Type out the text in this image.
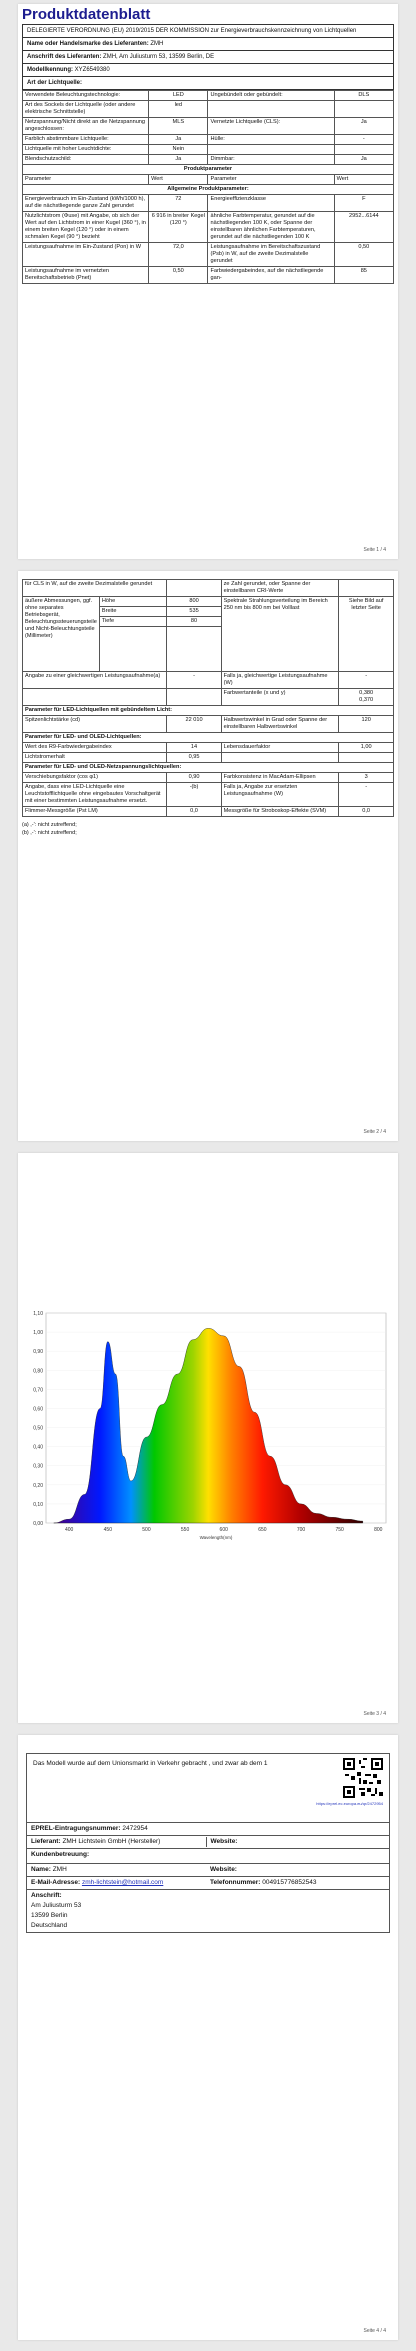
Produktdatenblatt
DELEGIERTE VERORDNUNG (EU) 2019/2015 DER KOMMISSION zur Energieverbrauchskennzeichnung von Lichtquellen
Name oder Handelsmarke des Lieferanten: ZMH
Anschrift des Lieferanten: ZMH, Am Juliusturm 53, 13599 Berlin, DE
Modellkennung: XYZ6549380
Art der Lichtquelle:
Verwendete Beleuchtungstechnologie:	LED	Ungebündelt oder gebündelt:	DLS
Art des Sockels der Lichtquelle (oder andere elektrische Schnittstelle)	led		
Netzspannung/Nicht direkt an die Netzspannung angeschlossen:	MLS	Vernetzte Lichtquelle (CLS):	Ja
Farblich abstimmbare Lichtquelle:	Ja	Hülle:	-
Lichtquelle mit hoher Leuchtdichte:	Nein		
Blendschutzschild:	Ja	Dimmbar:	Ja
Produktparameter			
Parameter	Wert	Parameter	Wert
Allgemeine Produktparameter:			
Energieverbrauch im Ein-Zustand (kWh/1000 h), auf die nächstliegende ganze Zahl gerundet	72	Energieeffizienzklasse	F
Nutzlichtstrom (Φuse) mit Angabe, ob sich der Wert auf den Lichtstrom in einer Kugel (360 °), in einem breiten Kegel (120 °) oder in einem schmalen Kegel (90 °) bezieht	6 916 in breiter Kegel (120 °)	ähnliche Farbtemperatur, gerundet auf die nächstliegenden 100 K, oder Spanne der einstellbaren ähnlichen Farbtemperaturen, gerundet auf die nächstliegenden 100 K	2952...6144
Leistungsaufnahme im Ein-Zustand (Pon) in W	72,0	Leistungsaufnahme im Bereitschaftszustand (Psb) in W, auf die zweite Dezimalstelle gerundet	0,50
Leistungsaufnahme im vernetzten Bereitschaftsbetrieb (Pnet)	0,50	Farbwiedergabeindex, auf die nächstliegende gan-	85
Seite 1 / 4
für CLS in W, auf die zweite Dezimalstelle gerundet			ze Zahl gerundet, oder Spanne der einstellbaren CRI-Werte	
äußere Abmessungen, ggf. ohne separates Betriebsgerät, Beleuchtungssteuerungsteile und Nicht-Beleuchtungsteile (Millimeter)	Höhe	800	Spektrale Strahlungsverteilung im Bereich 250 nm bis 800 nm bei Volllast	Siehe Bild auf letzter Seite
	Breite	535		
	Tiefe	80		

Angabe zu einer gleichwertigen Leistungsaufnahme(a)		-	Falls ja, gleichwertige Leistungsaufnahme (W)	-
			Farbwertanteile (x und y)	0,380
0,370
Parameter für LED-Lichtquellen mit gebündeltem Licht:				
Spitzenlichtstärke (cd)		22 010	Halbwertswinkel in Grad oder Spanne der einstellbaren Halbwertswinkel	120
Parameter für LED- und OLED-Lichtquellen:				
Wert des R9-Farbwiedergabeindex		14	Lebensdauerfaktor	1,00
Lichtstromerhalt		0,95		
Parameter für LED- und OLED-Netzspannungslichtquellen:				
Verschiebungsfaktor (cos φ1)		0,90	Farbkonsistenz in MacAdam-Ellipsen	3
Angabe, dass eine LED-Lichtquelle eine Leuchtstofflichtquelle ohne eingebautes Vorschaltgerät mit einer bestimmten Leistungsaufnahme ersetzt.		-(b)	Falls ja, Angabe zur ersetzten Leistungsaufnahme (W)	-
Flimmer-Messgröße (Pst LM)		0,0	Messgröße für Stroboskop-Effekte (SVM)	0,0
(a) ,-': nicht zutreffend;
(b) ,-': nicht zutreffend;
Seite 2 / 4
1,10
1,00
0,90
0,80
0,70
0,60
0,50
0,40
0,30
0,20
0,10
0,00
400	450	500	550	600	650	700	750	800
Wavelength(nm)
Seite 3 / 4
Das Modell wurde auf dem Unionsmarkt in Verkehr gebracht , und zwar ab dem 1
https://eprel.ec.europa.eu/qr/2472954
EPREL-Eintragungsnummer: 2472954
Lieferant: ZMH Lichtstein GmbH (Hersteller)	Website:
Kundenbetreuung:
Name: ZMH	Website:
E-Mail-Adresse: zmh-lichtstein@hotmail.com	Telefonnummer: 004915776852543
Anschrift:
Am Juliusturm 53
13599 Berlin
Deutschland
Seite 4 / 4
